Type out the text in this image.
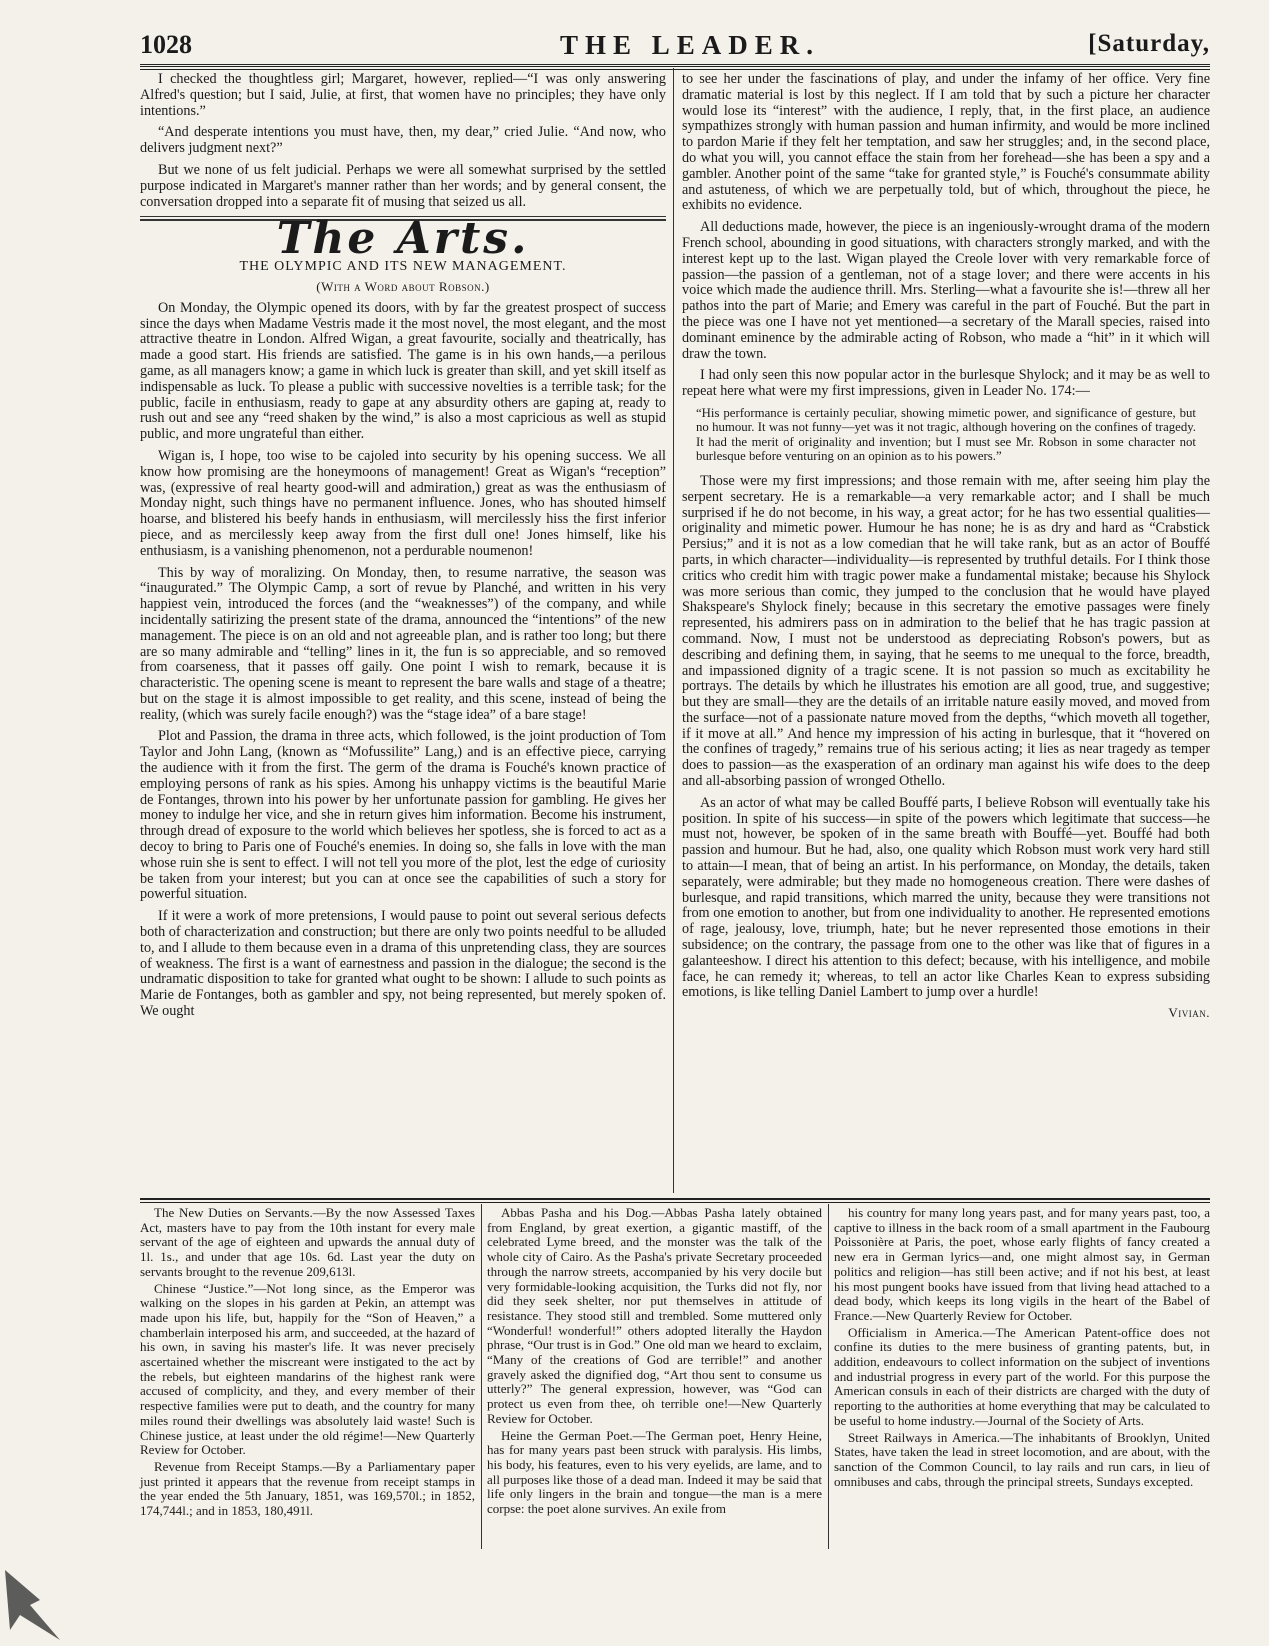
1028	THE LEADER.	[Saturday,

I checked the thoughtless girl; Margaret, however, replied—“I was only answering Alfred's question; but I said, Julie, at first, that women have no principles; they have only intentions.”

“And desperate intentions you must have, then, my dear,” cried Julie. “And now, who delivers judgment next?”

But we none of us felt judicial. Perhaps we were all somewhat surprised by the settled purpose indicated in Margaret's manner rather than her words; and by general consent, the conversation dropped into a separate fit of musing that seized us all.

The Arts.
THE OLYMPIC AND ITS NEW MANAGEMENT.
(With a Word about Robson.)

On Monday, the Olympic opened its doors, with by far the greatest prospect of success since the days when Madame Vestris made it the most novel, the most elegant, and the most attractive theatre in London. Alfred Wigan, a great favourite, socially and theatrically, has made a good start. His friends are satisfied. The game is in his own hands,—a perilous game, as all managers know; a game in which luck is greater than skill, and yet skill itself as indispensable as luck. To please a public with successive novelties is a terrible task; for the public, facile in enthusiasm, ready to gape at any absurdity others are gaping at, ready to rush out and see any “reed shaken by the wind,” is also a most capricious as well as stupid public, and more ungrateful than either.

Wigan is, I hope, too wise to be cajoled into security by his opening success. We all know how promising are the honeymoons of management! Great as Wigan's “reception” was, (expressive of real hearty good-will and admiration,) great as was the enthusiasm of Monday night, such things have no permanent influence. Jones, who has shouted himself hoarse, and blistered his beefy hands in enthusiasm, will mercilessly hiss the first inferior piece, and as mercilessly keep away from the first dull one! Jones himself, like his enthusiasm, is a vanishing phenomenon, not a perdurable noumenon!

This by way of moralizing. On Monday, then, to resume narrative, the season was “inaugurated.” The Olympic Camp, a sort of revue by Planché, and written in his very happiest vein, introduced the forces (and the “weaknesses”) of the company, and while incidentally satirizing the present state of the drama, announced the “intentions” of the new management. The piece is on an old and not agreeable plan, and is rather too long; but there are so many admirable and “telling” lines in it, the fun is so appreciable, and so removed from coarseness, that it passes off gaily. One point I wish to remark, because it is characteristic. The opening scene is meant to represent the bare walls and stage of a theatre; but on the stage it is almost impossible to get reality, and this scene, instead of being the reality, (which was surely facile enough?) was the “stage idea” of a bare stage!

Plot and Passion, the drama in three acts, which followed, is the joint production of Tom Taylor and John Lang, (known as “Mofussilite” Lang,) and is an effective piece, carrying the audience with it from the first. The germ of the drama is Fouché's known practice of employing persons of rank as his spies. Among his unhappy victims is the beautiful Marie de Fontanges, thrown into his power by her unfortunate passion for gambling. He gives her money to indulge her vice, and she in return gives him information. Become his instrument, through dread of exposure to the world which believes her spotless, she is forced to act as a decoy to bring to Paris one of Fouché's enemies. In doing so, she falls in love with the man whose ruin she is sent to effect. I will not tell you more of the plot, lest the edge of curiosity be taken from your interest; but you can at once see the capabilities of such a story for powerful situation.

If it were a work of more pretensions, I would pause to point out several serious defects both of characterization and construction; but there are only two points needful to be alluded to, and I allude to them because even in a drama of this unpretending class, they are sources of weakness. The first is a want of earnestness and passion in the dialogue; the second is the undramatic disposition to take for granted what ought to be shown: I allude to such points as Marie de Fontanges, both as gambler and spy, not being represented, but merely spoken of. We ought

to see her under the fascinations of play, and under the infamy of her office. Very fine dramatic material is lost by this neglect. If I am told that by such a picture her character would lose its “interest” with the audience, I reply, that, in the first place, an audience sympathizes strongly with human passion and human infirmity, and would be more inclined to pardon Marie if they felt her temptation, and saw her struggles; and, in the second place, do what you will, you cannot efface the stain from her forehead—she has been a spy and a gambler. Another point of the same “take for granted style,” is Fouché's consummate ability and astuteness, of which we are perpetually told, but of which, throughout the piece, he exhibits no evidence.

All deductions made, however, the piece is an ingeniously-wrought drama of the modern French school, abounding in good situations, with characters strongly marked, and with the interest kept up to the last. Wigan played the Creole lover with very remarkable force of passion—the passion of a gentleman, not of a stage lover; and there were accents in his voice which made the audience thrill. Mrs. Sterling—what a favourite she is!—threw all her pathos into the part of Marie; and Emery was careful in the part of Fouché. But the part in the piece was one I have not yet mentioned—a secretary of the Marall species, raised into dominant eminence by the admirable acting of Robson, who made a “hit” in it which will draw the town.

I had only seen this now popular actor in the burlesque Shylock; and it may be as well to repeat here what were my first impressions, given in Leader No. 174:—

“His performance is certainly peculiar, showing mimetic power, and significance of gesture, but no humour. It was not funny—yet was it not tragic, although hovering on the confines of tragedy. It had the merit of originality and invention; but I must see Mr. Robson in some character not burlesque before venturing on an opinion as to his powers.”

Those were my first impressions; and those remain with me, after seeing him play the serpent secretary. He is a remarkable—a very remarkable actor; and I shall be much surprised if he do not become, in his way, a great actor; for he has two essential qualities—originality and mimetic power. Humour he has none; he is as dry and hard as “Crabstick Persius;” and it is not as a low comedian that he will take rank, but as an actor of Bouffé parts, in which character—individuality—is represented by truthful details. For I think those critics who credit him with tragic power make a fundamental mistake; because his Shylock was more serious than comic, they jumped to the conclusion that he would have played Shakspeare's Shylock finely; because in this secretary the emotive passages were finely represented, his admirers pass on in admiration to the belief that he has tragic passion at command. Now, I must not be understood as depreciating Robson's powers, but as describing and defining them, in saying, that he seems to me unequal to the force, breadth, and impassioned dignity of a tragic scene. It is not passion so much as excitability he portrays. The details by which he illustrates his emotion are all good, true, and suggestive; but they are small—they are the details of an irritable nature easily moved, and moved from the surface—not of a passionate nature moved from the depths, “which moveth all together, if it move at all.” And hence my impression of his acting in burlesque, that it “hovered on the confines of tragedy,” remains true of his serious acting; it lies as near tragedy as temper does to passion—as the exasperation of an ordinary man against his wife does to the deep and all-absorbing passion of wronged Othello.

As an actor of what may be called Bouffé parts, I believe Robson will eventually take his position. In spite of his success—in spite of the powers which legitimate that success—he must not, however, be spoken of in the same breath with Bouffé—yet. Bouffé had both passion and humour. But he had, also, one quality which Robson must work very hard still to attain—I mean, that of being an artist. In his performance, on Monday, the details, taken separately, were admirable; but they made no homogeneous creation. There were dashes of burlesque, and rapid transitions, which marred the unity, because they were transitions not from one emotion to another, but from one individuality to another. He represented emotions of rage, jealousy, love, triumph, hate; but he never represented those emotions in their subsidence; on the contrary, the passage from one to the other was like that of figures in a galanteeshow. I direct his attention to this defect; because, with his intelligence, and mobile face, he can remedy it; whereas, to tell an actor like Charles Kean to express subsiding emotions, is like telling Daniel Lambert to jump over a hurdle!

Vivian.

The New Duties on Servants.—By the now Assessed Taxes Act, masters have to pay from the 10th instant for every male servant of the age of eighteen and upwards the annual duty of 1l. 1s., and under that age 10s. 6d. Last year the duty on servants brought to the revenue 209,613l.

Chinese “Justice.”—Not long since, as the Emperor was walking on the slopes in his garden at Pekin, an attempt was made upon his life, but, happily for the “Son of Heaven,” a chamberlain interposed his arm, and succeeded, at the hazard of his own, in saving his master's life. It was never precisely ascertained whether the miscreant were instigated to the act by the rebels, but eighteen mandarins of the highest rank were accused of complicity, and they, and every member of their respective families were put to death, and the country for many miles round their dwellings was absolutely laid waste! Such is Chinese justice, at least under the old régime!—New Quarterly Review for October.

Revenue from Receipt Stamps.—By a Parliamentary paper just printed it appears that the revenue from receipt stamps in the year ended the 5th January, 1851, was 169,570l.; in 1852, 174,744l.; and in 1853, 180,491l.

Abbas Pasha and his Dog.—Abbas Pasha lately obtained from England, by great exertion, a gigantic mastiff, of the celebrated Lyme breed, and the monster was the talk of the whole city of Cairo. As the Pasha's private Secretary proceeded through the narrow streets, accompanied by his very docile but very formidable-looking acquisition, the Turks did not fly, nor did they seek shelter, nor put themselves in attitude of resistance. They stood still and trembled. Some muttered only “Wonderful! wonderful!” others adopted literally the Haydon phrase, “Our trust is in God.” One old man we heard to exclaim, “Many of the creations of God are terrible!” and another gravely asked the dignified dog, “Art thou sent to consume us utterly?” The general expression, however, was “God can protect us even from thee, oh terrible one!—New Quarterly Review for October.

Heine the German Poet.—The German poet, Henry Heine, has for many years past been struck with paralysis. His limbs, his body, his features, even to his very eyelids, are lame, and to all purposes like those of a dead man. Indeed it may be said that life only lingers in the brain and tongue—the man is a mere corpse: the poet alone survives. An exile from

his country for many long years past, and for many years past, too, a captive to illness in the back room of a small apartment in the Faubourg Poissonière at Paris, the poet, whose early flights of fancy created a new era in German lyrics—and, one might almost say, in German politics and religion—has still been active; and if not his best, at least his most pungent books have issued from that living head attached to a dead body, which keeps its long vigils in the heart of the Babel of France.—New Quarterly Review for October.

Officialism in America.—The American Patent-office does not confine its duties to the mere business of granting patents, but, in addition, endeavours to collect information on the subject of inventions and industrial progress in every part of the world. For this purpose the American consuls in each of their districts are charged with the duty of reporting to the authorities at home everything that may be calculated to be useful to home industry.—Journal of the Society of Arts.

Street Railways in America.—The inhabitants of Brooklyn, United States, have taken the lead in street locomotion, and are about, with the sanction of the Common Council, to lay rails and run cars, in lieu of omnibuses and cabs, through the principal streets, Sundays excepted.
